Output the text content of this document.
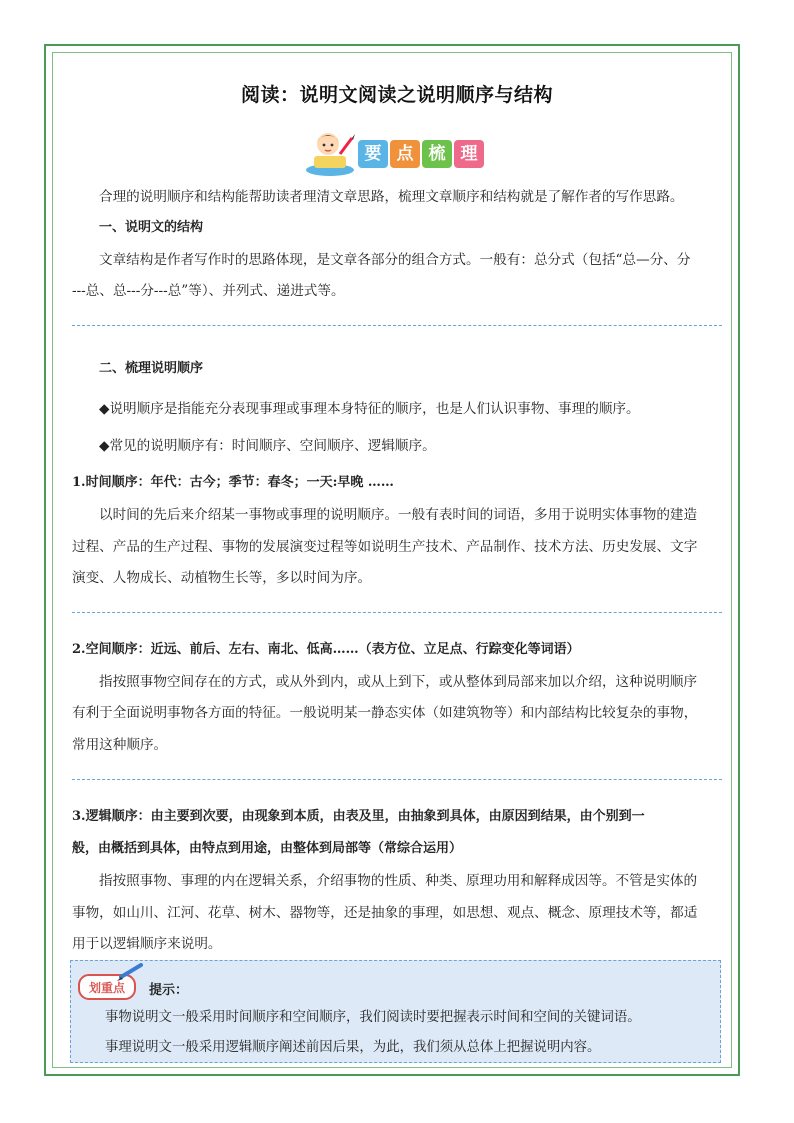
阅读：说明文阅读之说明顺序与结构
要 点 梳 理

合理的说明顺序和结构能帮助读者理清文章思路，梳理文章顺序和结构就是了解作者的写作思路。

一、说明文的结构

文章结构是作者写作时的思路体现，是文章各部分的组合方式。一般有：总分式（包括“总—分、分

---总、总---分---总”等）、并列式、递进式等。

二、梳理说明顺序

◆说明顺序是指能充分表现事理或事理本身特征的顺序，也是人们认识事物、事理的顺序。

◆常见的说明顺序有：时间顺序、空间顺序、逻辑顺序。

1.时间顺序：年代：古今；季节：春冬；一天:早晚 ……

以时间的先后来介绍某一事物或事理的说明顺序。一般有表时间的词语，多用于说明实体事物的建造

过程、产品的生产过程、事物的发展演变过程等如说明生产技术、产品制作、技术方法、历史发展、文字

演变、人物成长、动植物生长等，多以时间为序。

2.空间顺序：近远、前后、左右、南北、低高……（表方位、立足点、行踪变化等词语）

指按照事物空间存在的方式，或从外到内，或从上到下，或从整体到局部来加以介绍，这种说明顺序

有利于全面说明事物各方面的特征。一般说明某一静态实体（如建筑物等）和内部结构比较复杂的事物，

常用这种顺序。

3.逻辑顺序：由主要到次要，由现象到本质，由表及里，由抽象到具体，由原因到结果，由个别到一

般，由概括到具体，由特点到用途，由整体到局部等（常综合运用）

指按照事物、事理的内在逻辑关系，介绍事物的性质、种类、原理功用和解释成因等。不管是实体的

事物，如山川、江河、花草、树木、器物等，还是抽象的事理，如思想、观点、概念、原理技术等，都适

用于以逻辑顺序来说明。

划重点 提示：
事物说明文一般采用时间顺序和空间顺序，我们阅读时要把握表示时间和空间的关键词语。
事理说明文一般采用逻辑顺序阐述前因后果，为此，我们须从总体上把握说明内容。
